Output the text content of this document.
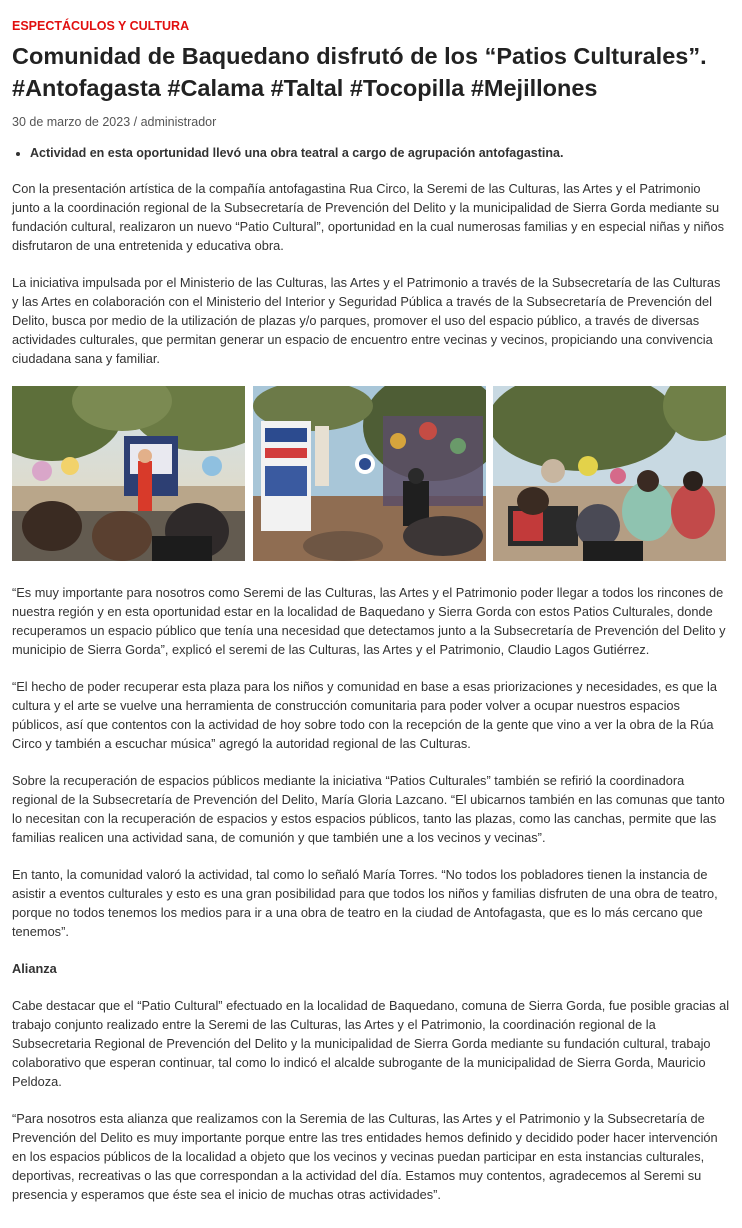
ESPECTÁCULOS Y CULTURA
Comunidad de Baquedano disfrutó de los “Patios Culturales”. #Antofagasta #Calama #Taltal #Tocopilla #Mejillones
30 de marzo de 2023 / administrador
• Actividad en esta oportunidad llevó una obra teatral a cargo de agrupación antofagastina.

Con la presentación artística de la compañía antofagastina Rua Circo, la Seremi de las Culturas, las Artes y el Patrimonio junto a la coordinación regional de la Subsecretaría de Prevención del Delito y la municipalidad de Sierra Gorda mediante su fundación cultural, realizaron un nuevo “Patio Cultural”, oportunidad en la cual numerosas familias y en especial niñas y niños disfrutaron de una entretenida y educativa obra.

La iniciativa impulsada por el Ministerio de las Culturas, las Artes y el Patrimonio a través de la Subsecretaría de las Culturas y las Artes en colaboración con el Ministerio del Interior y Seguridad Pública a través de la Subsecretaría de Prevención del Delito, busca por medio de la utilización de plazas y/o parques, promover el uso del espacio público, a través de diversas actividades culturales, que permitan generar un espacio de encuentro entre vecinas y vecinos, propiciando una convivencia ciudadana sana y familiar.

“Es muy importante para nosotros como Seremi de las Culturas, las Artes y el Patrimonio poder llegar a todos los rincones de nuestra región y en esta oportunidad estar en la localidad de Baquedano y Sierra Gorda con estos Patios Culturales, donde recuperamos un espacio público que tenía una necesidad que detectamos junto a la Subsecretaría de Prevención del Delito y municipio de Sierra Gorda”, explicó el seremi de las Culturas, las Artes y el Patrimonio, Claudio Lagos Gutiérrez.

“El hecho de poder recuperar esta plaza para los niños y comunidad en base a esas priorizaciones y necesidades, es que la cultura y el arte se vuelve una herramienta de construcción comunitaria para poder volver a ocupar nuestros espacios públicos, así que contentos con la actividad de hoy sobre todo con la recepción de la gente que vino a ver la obra de la Rúa Circo y también a escuchar música” agregó la autoridad regional de las Culturas.

Sobre la recuperación de espacios públicos mediante la iniciativa “Patios Culturales” también se refirió la coordinadora regional de la Subsecretaría de Prevención del Delito, María Gloria Lazcano. “El ubicarnos también en las comunas que tanto lo necesitan con la recuperación de espacios y estos espacios públicos, tanto las plazas, como las canchas, permite que las familias realicen una actividad sana, de comunión y que también une a los vecinos y vecinas”.

En tanto, la comunidad valoró la actividad, tal como lo señaló María Torres. “No todos los pobladores tienen la instancia de asistir a eventos culturales y esto es una gran posibilidad para que todos los niños y familias disfruten de una obra de teatro, porque no todos tenemos los medios para ir a una obra de teatro en la ciudad de Antofagasta, que es lo más cercano que tenemos”.

Alianza

Cabe destacar que el “Patio Cultural” efectuado en la localidad de Baquedano, comuna de Sierra Gorda, fue posible gracias al trabajo conjunto realizado entre la Seremi de las Culturas, las Artes y el Patrimonio, la coordinación regional de la Subsecretaria Regional de Prevención del Delito y la municipalidad de Sierra Gorda mediante su fundación cultural, trabajo colaborativo que esperan continuar, tal como lo indicó el alcalde subrogante de la municipalidad de Sierra Gorda, Mauricio Peldoza.

“Para nosotros esta alianza que realizamos con la Seremia de las Culturas, las Artes y el Patrimonio y la Subsecretaría de Prevención del Delito es muy importante porque entre las tres entidades hemos definido y decidido poder hacer intervención en los espacios públicos de la localidad a objeto que los vecinos y vecinas puedan participar en esta instancias culturales, deportivas, recreativas o las que correspondan a la actividad del día. Estamos muy contentos, agradecemos al Seremi su presencia y esperamos que éste sea el inicio de muchas otras actividades”.
